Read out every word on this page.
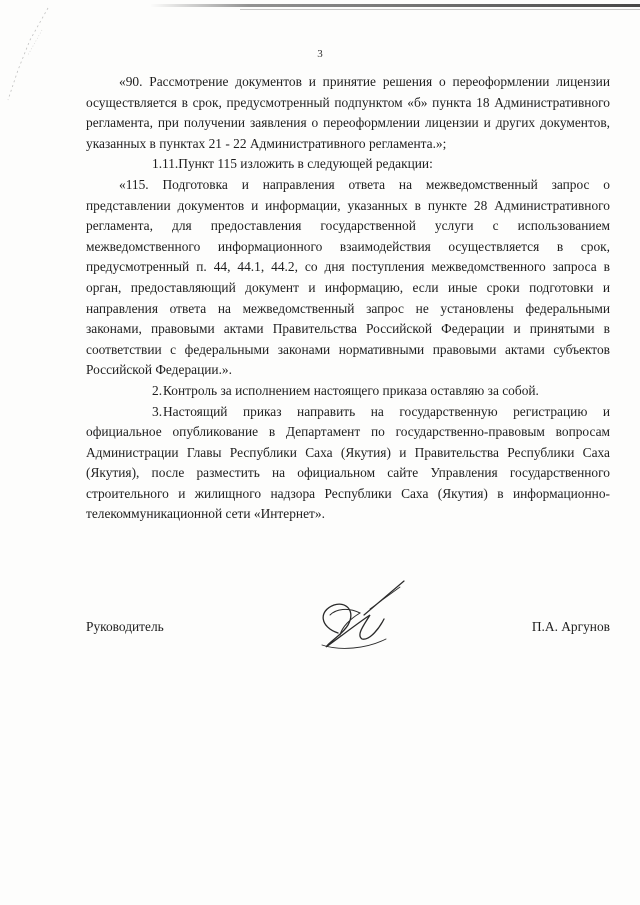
3

«90. Рассмотрение документов и принятие решения о переоформлении лицензии осуществляется в срок, предусмотренный подпунктом «б» пункта 18 Административного регламента, при получении заявления о переоформлении лицензии и других документов, указанных в пунктах 21 - 22 Административного регламента.»;

1.11.Пункт 115 изложить в следующей редакции:

«115. Подготовка и направления ответа на межведомственный запрос о представлении документов и информации, указанных в пункте 28 Административного регламента, для предоставления государственной услуги с использованием межведомственного информационного взаимодействия осуществляется в срок, предусмотренный п. 44, 44.1, 44.2, со дня поступления межведомственного запроса в орган, предоставляющий документ и информацию, если иные сроки подготовки и направления ответа на межведомственный запрос не установлены федеральными законами, правовыми актами Правительства Российской Федерации и принятыми в соответствии с федеральными законами нормативными правовыми актами субъектов Российской Федерации.».

2.Контроль за исполнением настоящего приказа оставляю за собой.

3.Настоящий приказ направить на государственную регистрацию и официальное опубликование в Департамент по государственно-правовым вопросам Администрации Главы Республики Саха (Якутия) и Правительства Республики Саха (Якутия), после разместить на официальном сайте Управления государственного строительного и жилищного надзора Республики Саха (Якутия) в информационно-телекоммуникационной сети «Интернет».

Руководитель	П.А. Аргунов
